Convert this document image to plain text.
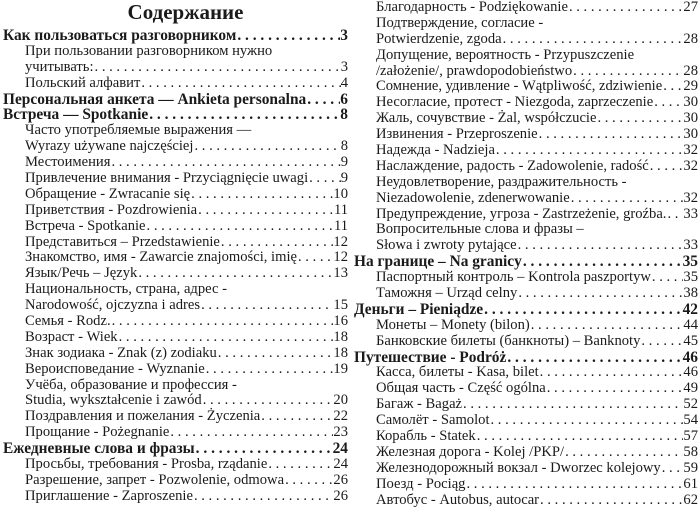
Содержание
Как пользоваться разговорником . . .	3
При пользовании разговорником нужно
учитывать: . . .	3
Польский алфавит . . .	4
Персональная анкета — Ankieta personalna . . . 6
Встреча — Spotkanie . . .	8
Часто употребляемые выражения —
Wyrazy używane najczęściej . . .	8
Местоимения . . .	9
Привлечение внимания - Przyciągnięcie uwagi . . . 9
Обращение - Zwracanie się . . .	10
Приветствия - Pozdrowienia . . .	11
Встреча - Spotkanie . . .	11
Представиться – Przedstawienie . . .	12
Знакомство, имя - Zawarcie znajomości, imię . . . 12
Язык/Речь – Język . . .	13
Национальность, страна, адрес -
Narodowość, ojczyzna i adres . . .	15
Семья - Rodz. . . .	16
Возраст - Wiek . . .	18
Знак зодиака - Znak (z) zodiaku . . .	18
Вероисповедание - Wyznanie . . .	19
Учёба, образование и профессия -
Studia, wykształcenie i zawód . . .	20
Поздравления и пожелания - Życzenia . . .	22
Прощание - Pożegnanie . . .	23
Ежедневные слова и фразы . . .	24
Просьбы, требования - Prosba, rządanie . . .	24
Разрешение, запрет - Pozwolenie, odmowa . . .	26
Приглашение - Zaproszenie . . .	26
Благодарность - Podziękowanie . . .	27
Подтверждение, согласие -
Potwierdzenie, zgoda . . .	28
Допущение, вероятность - Przypuszczenie
/założenie/, prawdopodobieństwo . . .	28
Сомнение, удивление - Wątpliwość, zdziwienie . . . 29
Несогласие, протест - Niezgoda, zaprzeczenie . . . 30
Жаль, сочувствие - Żal, współczucie . . .	30
Извинения - Przeproszenie . . .	30
Надежда - Nadzieja . . .	32
Наслаждение, радость - Zadowolenie, radość . . . 32
Неудовлетворение, раздражительность -
Niezadowolenie, zdenerwowanie . . .	32
Предупреждение, угроза - Zastrzeżenie, groźba. . . . 33
Вопросительные слова и фразы –
Słowa i zwroty pytające . . .	33
На границе – Na granicy . . .	35
Паспортный контроль – Kontrola paszportyw . . . 35
Таможня – Urząd celny . . .	38
Деньги – Pieniądze . . .	42
Монеты – Monety (bilon) . . .	44
Банковские билеты (банкноты) – Banknoty . . .	45
Путешествие - Podróż . . .	46
Касса, билеты - Kasa, bilet . . .	46
Общая часть - Część ogólna . . .	49
Багаж - Bagaż . . .	52
Самолёт - Samolot . . .	54
Корабль - Statek . . .	57
Железная дорога - Kolej /PKP/ . . .	58
Железнодорожный вокзал - Dworzec kolejowy . . . 59
Поезд - Pociąg . . .	61
Автобус - Autobus, autocar . . .	62
